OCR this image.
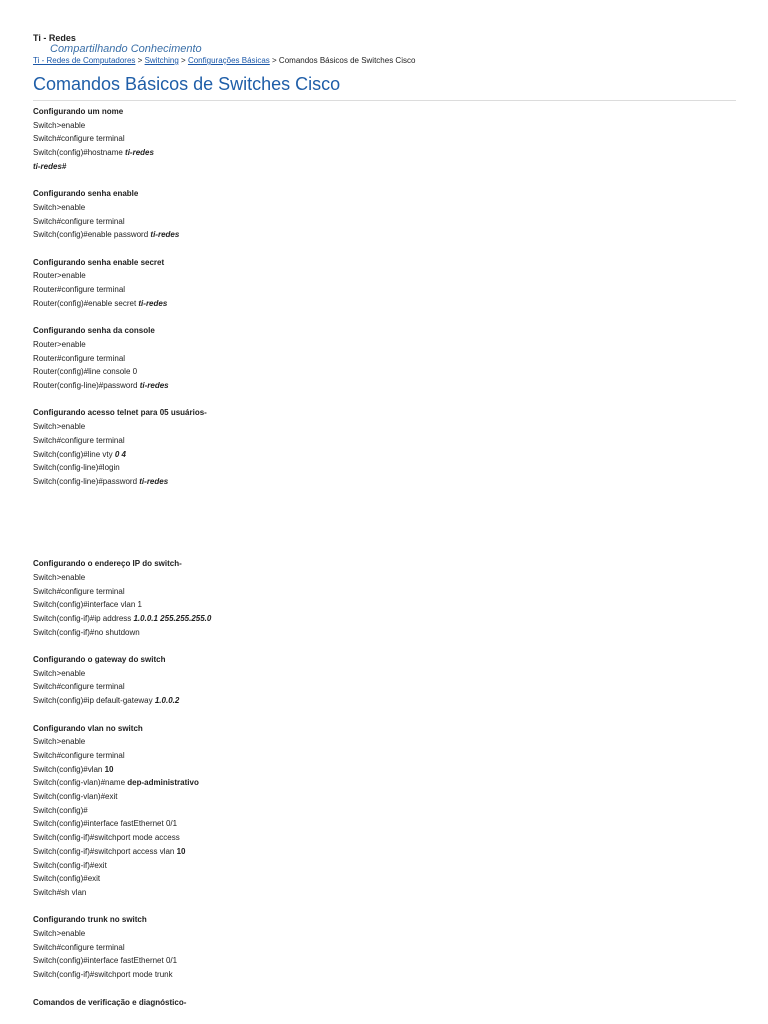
Ti - Redes
Compartilhando Conhecimento
Ti - Redes de Computadores > Switching > Configurações Básicas > Comandos Básicos de Switches Cisco
Comandos Básicos de Switches Cisco
Configurando um nome
Switch>enable
Switch#configure terminal
Switch(config)#hostname ti-redes
ti-redes#
Configurando senha enable
Switch>enable
Switch#configure terminal
Switch(config)#enable password ti-redes
Configurando senha enable secret
Router>enable
Router#configure terminal
Router(config)#enable secret ti-redes
Configurando senha da console
Router>enable
Router#configure terminal
Router(config)#line console 0
Router(config-line)#password ti-redes
Configurando acesso telnet para 05 usuários-
Switch>enable
Switch#configure terminal
Switch(config)#line vty 0 4
Switch(config-line)#login
Switch(config-line)#password ti-redes
Configurando o endereço IP do switch-
Switch>enable
Switch#configure terminal
Switch(config)#interface vlan 1
Switch(config-if)#ip address 1.0.0.1 255.255.255.0
Switch(config-if)#no shutdown
Configurando o gateway do switch
Switch>enable
Switch#configure terminal
Switch(config)#ip default-gateway 1.0.0.2
Configurando vlan no switch
Switch>enable
Switch#configure terminal
Switch(config)#vlan 10
Switch(config-vlan)#name dep-administrativo
Switch(config-vlan)#exit
Switch(config)#
Switch(config)#interface fastEthernet 0/1
Switch(config-if)#switchport mode access
Switch(config-if)#switchport access vlan 10
Switch(config-if)#exit
Switch(config)#exit
Switch#sh vlan
Configurando trunk no switch
Switch>enable
Switch#configure terminal
Switch(config)#interface fastEthernet 0/1
Switch(config-if)#switchport mode trunk
Comandos de verificação e diagnóstico-
